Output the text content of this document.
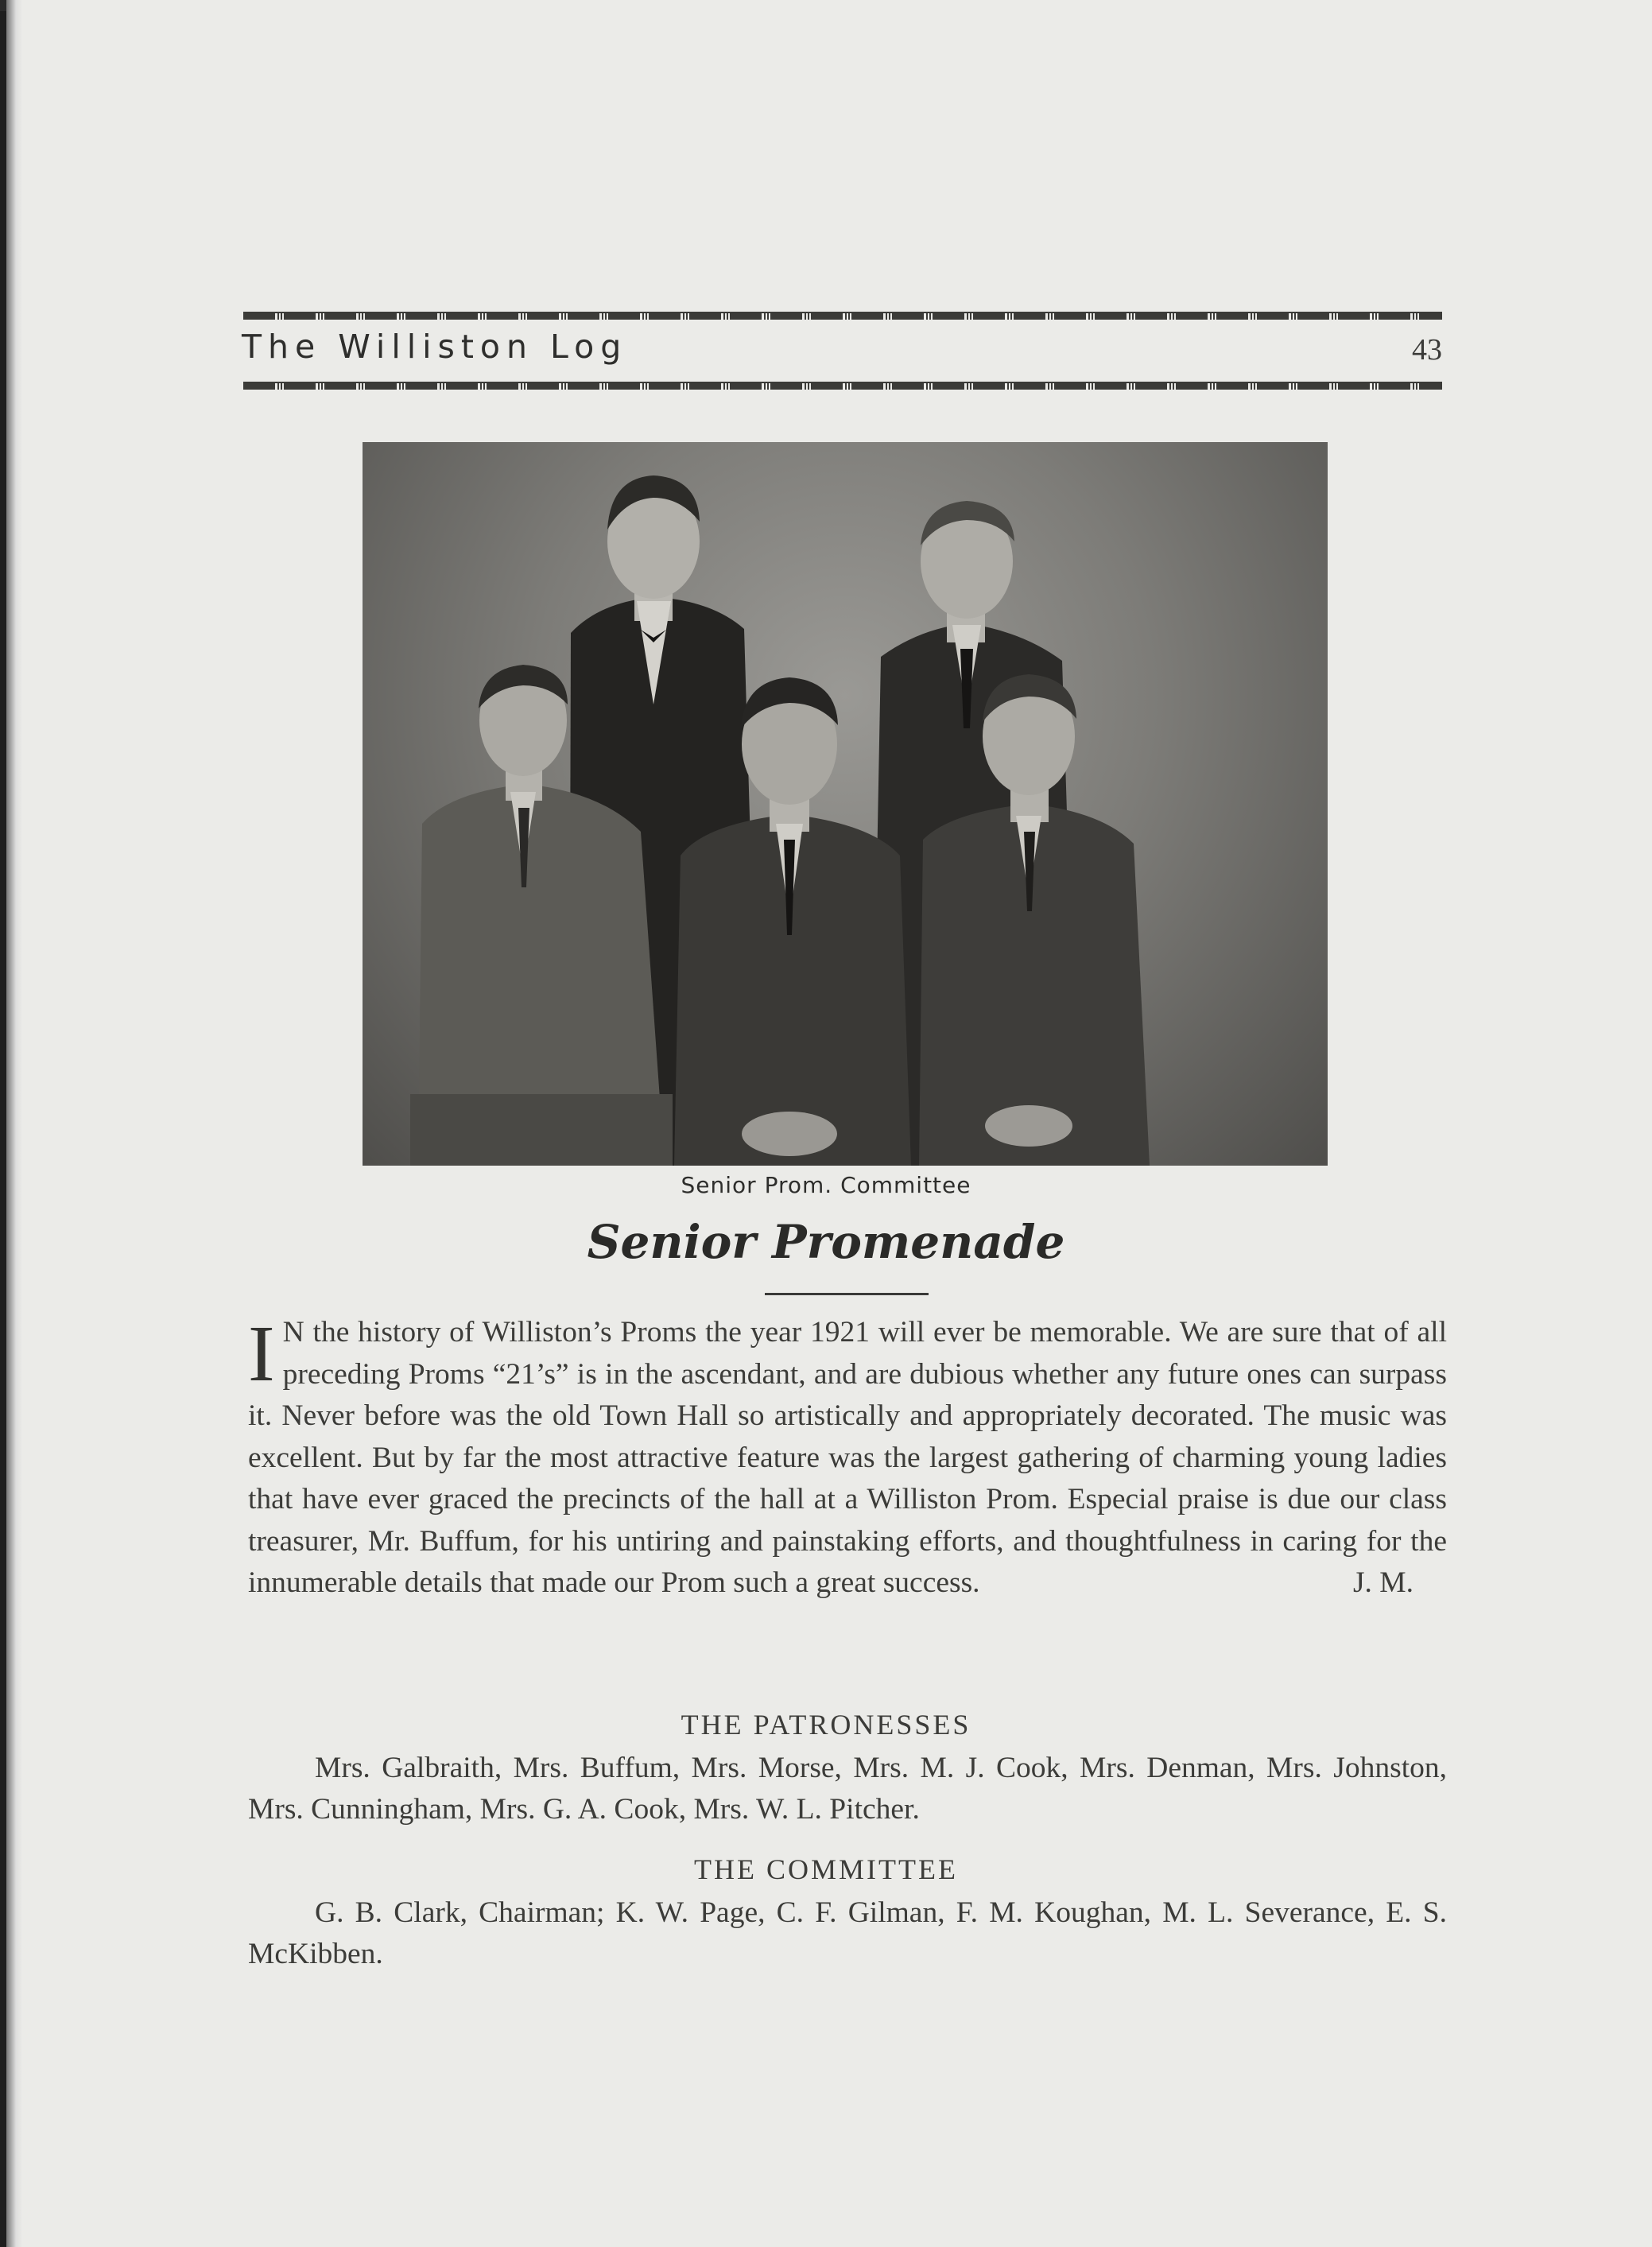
The Williston Log	43
Senior Prom. Committee
Senior Promenade
I N the history of Williston’s Proms the year 1921 will ever be memorable. We are sure that of all preceding Proms “21’s” is in the ascendant, and are dubious whether any future ones can surpass it. Never before was the old Town Hall so artistically and appropriately decorated. The music was excellent. But by far the most attractive feature was the largest gathering of charming young ladies that have ever graced the precincts of the hall at a Williston Prom. Especial praise is due our class treasurer, Mr. Buffum, for his untiring and painstaking efforts, and thoughtfulness in caring for the innumerable details that made our Prom such a great success.	J. M.
THE PATRONESSES
Mrs. Galbraith, Mrs. Buffum, Mrs. Morse, Mrs. M. J. Cook, Mrs. Denman, Mrs. Johnston, Mrs. Cunningham, Mrs. G. A. Cook, Mrs. W. L. Pitcher.
THE COMMITTEE
G. B. Clark, Chairman; K. W. Page, C. F. Gilman, F. M. Koughan, M. L. Severance, E. S. McKibben.
